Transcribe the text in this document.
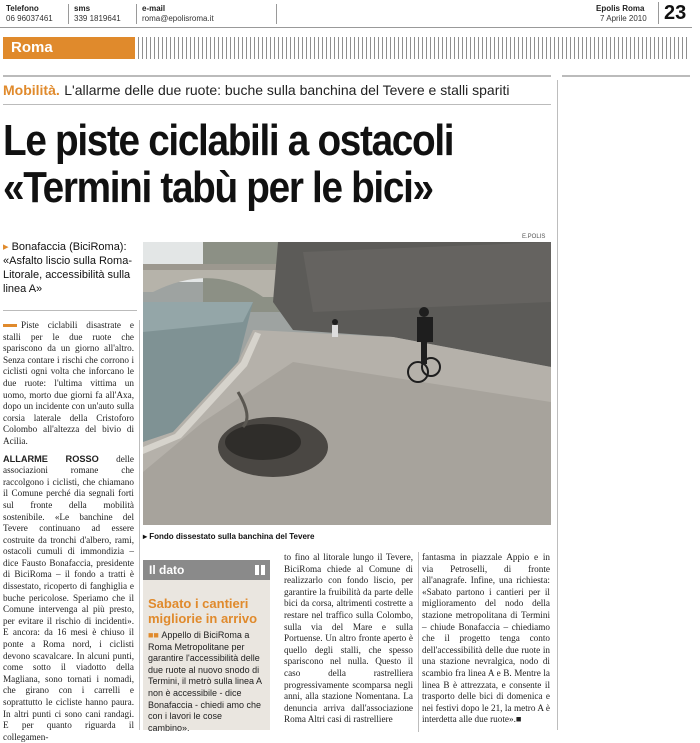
Telefono
06 96037461
sms
339 1819641
e-mail
roma@epolisroma.it
Epolis Roma
7 Aprile 2010 23
Roma
Mobilità. L'allarme delle due ruote: buche sulla banchina del Tevere e stalli spariti
Le piste ciclabili a ostacoli
«Termini tabù per le bici»
▸ Bonafaccia (BiciRoma): «Asfalto liscio sulla Roma-Litorale, accessibilità sulla linea A»
E.POLIS
▸ Fondo dissestato sulla banchina del Tevere

Piste ciclabili disastrate e stalli per le due ruote che spariscono da un giorno all'altro. Senza contare i rischi che corrono i ciclisti ogni volta che inforcano le due ruote: l'ultima vittima un uomo, morto due giorni fa all'Axa, dopo un incidente con un'auto sulla corsia laterale della Cristoforo Colombo all'altezza del bivio di Acilia.

ALLARME ROSSO delle associazioni romane che raccolgono i ciclisti, che chiamano il Comune perché dia segnali forti sul fronte della mobilità sostenibile. «Le banchine del Tevere continuano ad essere costruite da tronchi d'albero, rami, ostacoli cumuli di immondizia – dice Fausto Bonafaccia, presidente di BiciRoma – il fondo a tratti è dissestato, ricoperto di fanghiglia e buche pericolose. Speriamo che il Comune intervenga al più presto, per evitare il rischio di incidenti». E ancora: da 16 mesi è chiuso il ponte a Roma nord, i ciclisti devono scavalcare. In alcuni punti, come sotto il viadotto della Magliana, sono tornati i nomadi, che girano con i carrelli e soprattutto le cicliste hanno paura. In altri punti ci sono cani randagi. E per quanto riguarda il collegamen-

Il dato
Sabato i cantieri migliorie in arrivo
■■ Appello di BiciRoma a Roma Metropolitane per garantire l'accessibilità delle due ruote al nuovo snodo di Termini, il metrò sulla linea A non è accessibile - dice Bonafaccia - chiedi amo che con i lavori le cose cambino».
to fino al litorale lungo il Tevere, BiciRoma chiede al Comune di realizzarlo con fondo liscio, per garantire la fruibilità da parte delle bici da corsa, altrimenti costrette a restare nel traffico sulla Colombo, sulla via del Mare e sulla Portuense. Un altro fronte aperto è quello degli stalli, che spesso spariscono nel nulla. Questo il caso della rastrelliera progressivamente scomparsa negli anni, alla stazione Nomentana. La denuncia arriva dall'associazione Roma Altri casi di rastrelliere
fantasma in piazzale Appio e in via Petroselli, di fronte all'anagrafe. Infine, una richiesta: «Sabato partono i cantieri per il miglioramento del nodo della stazione metropolitana di Termini – chiude Bonafaccia – chiediamo che il progetto tenga conto dell'accessibilità delle due ruote in una stazione nevralgica, nodo di scambio fra linea A e B. Mentre la linea B è attrezzata, e consente il trasporto delle bici di domenica e nei festivi dopo le 21, la metro A è interdetta alle due ruote».■
